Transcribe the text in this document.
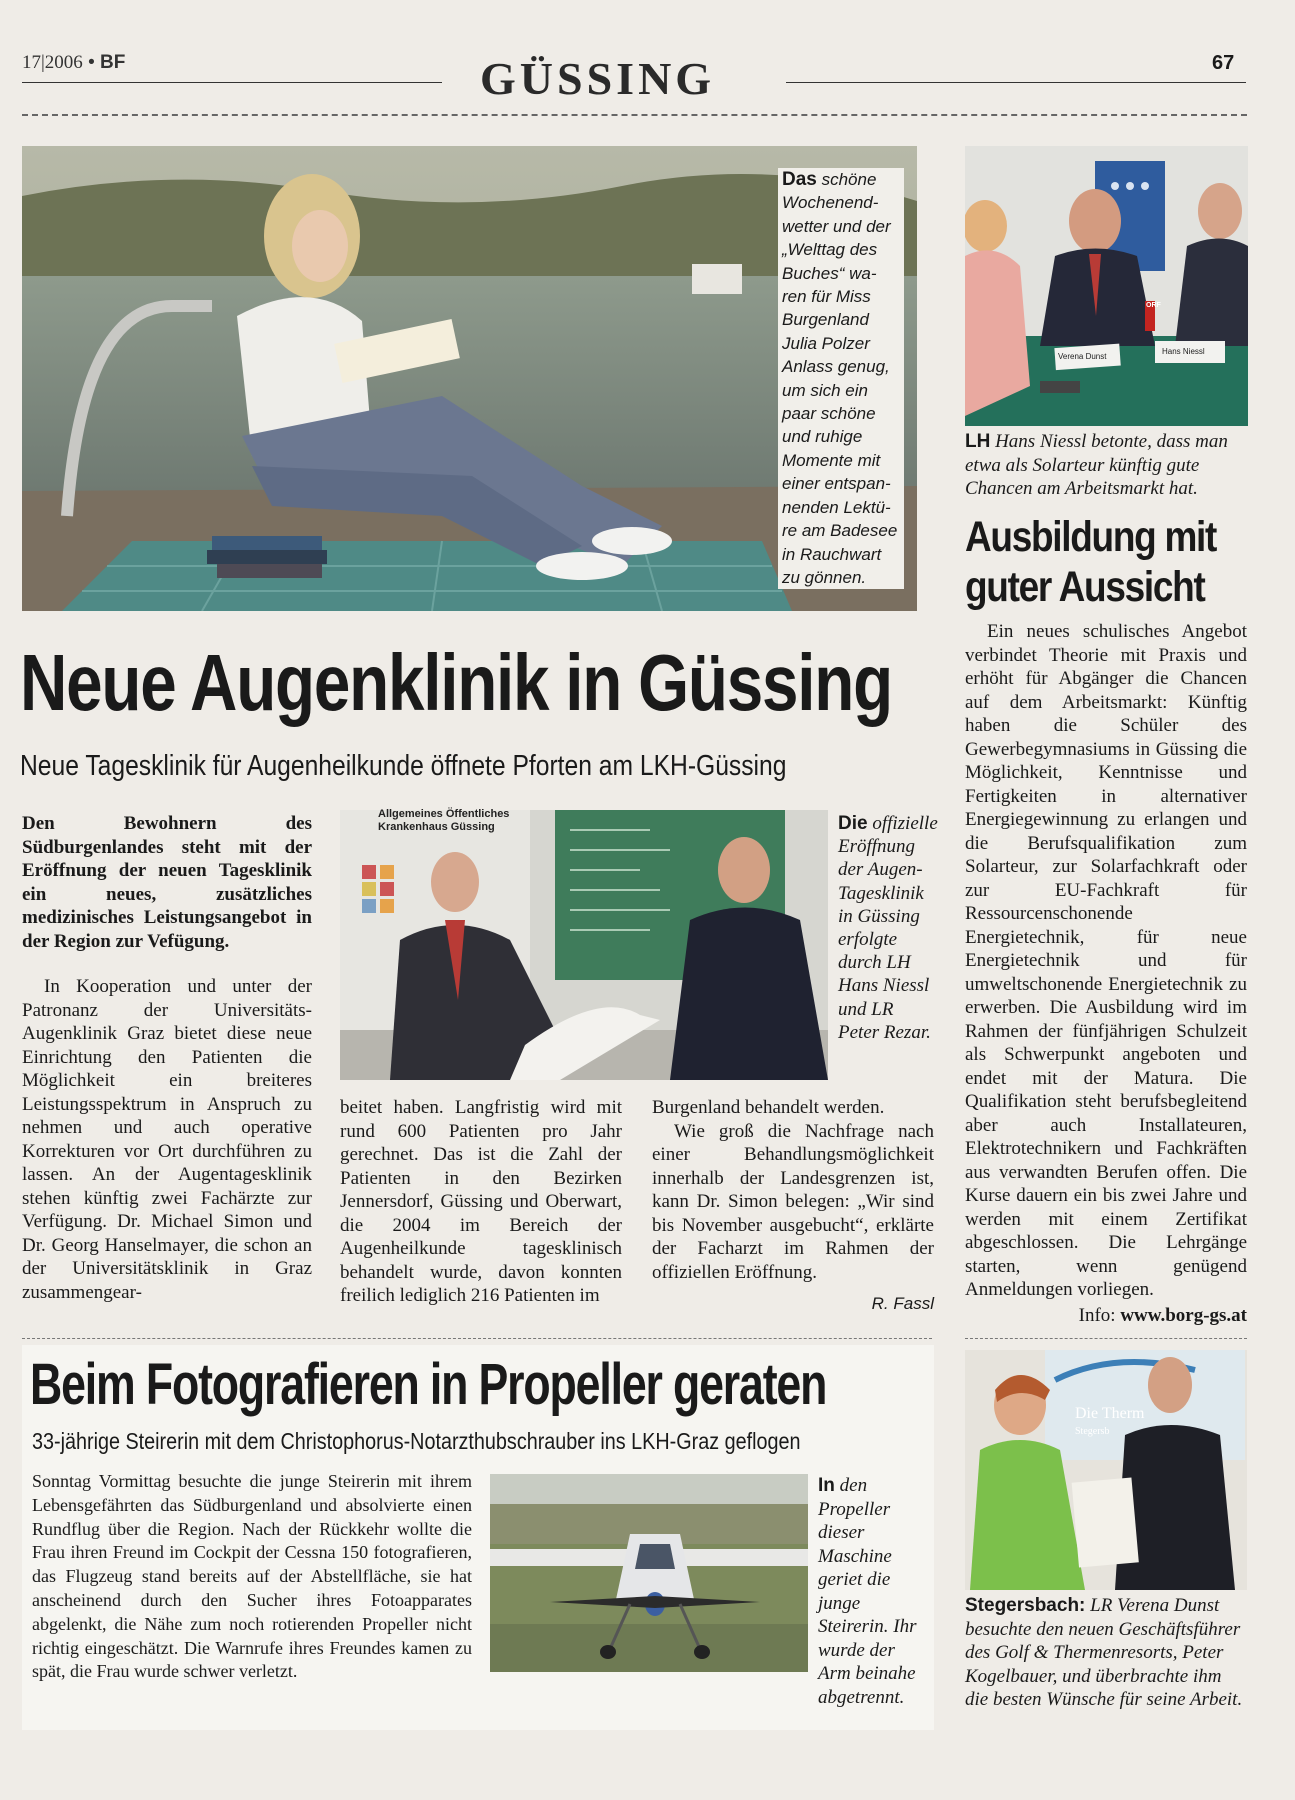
17|2006 • BF	GÜSSING	67
Das schöne Wochenend-wetter und der „Welttag des Buches“ wa-ren für Miss Burgenland Julia Polzer Anlass genug, um sich ein paar schöne und ruhige Momente mit einer entspan-nenden Lektü-re am Badesee in Rauchwart zu gönnen.
Neue Augenklinik in Güssing
Neue Tagesklinik für Augenheilkunde öffnete Pforten am LKH-Güssing
Den Bewohnern des Südburgenlandes steht mit der Eröffnung der neuen Tagesklinik ein neues, zusätzliches medizinisches Leistungsangebot in der Region zur Vefügung.

In Kooperation und unter der Patronanz der Universitäts-Augenklinik Graz bietet diese neue Einrichtung den Patienten die Möglichkeit ein breiteres Leistungsspektrum in Anspruch zu nehmen und auch operative Korrekturen vor Ort durchführen zu lassen. An der Augentagesklinik stehen künftig zwei Fachärzte zur Verfügung. Dr. Michael Simon und Dr. Georg Hanselmayer, die schon an der Universitätsklinik in Graz zusammengear-

Allgemeines Öffentliches
Krankenhaus Güssing	Die offizielle Eröffnung der Augen-Tagesklinik in Güssing erfolgte durch LH Hans Niessl und LR Peter Rezar.

beitet haben. Langfristig wird mit rund 600 Patienten pro Jahr gerechnet. Das ist die Zahl der Patienten in den Bezirken Jennersdorf, Güssing und Oberwart, die 2004 im Bereich der Augenheilkunde tagesklinisch behandelt wurde, davon konnten freilich lediglich 216 Patienten im

Burgenland behandelt werden.

Wie groß die Nachfrage nach einer Behandlungsmöglichkeit innerhalb der Landesgrenzen ist, kann Dr. Simon belegen: „Wir sind bis November ausgebucht“, erklärte der Facharzt im Rahmen der offiziellen Eröffnung.

R. Fassl
Verena Dunst
Hans Niessl
ORF
LH Hans Niessl betonte, dass man etwa als Solarteur künftig gute Chancen am Arbeitsmarkt hat.
Ausbildung mit guter Aussicht

Ein neues schulisches Angebot verbindet Theorie mit Praxis und erhöht für Abgänger die Chancen auf dem Arbeitsmarkt: Künftig haben die Schüler des Gewerbegymnasiums in Güssing die Möglichkeit, Kenntnisse und Fertigkeiten in alternativer Energiegewinnung zu erlangen und die Berufsqualifikation zum Solarteur, zur Solarfachkraft oder zur EU-Fachkraft für Ressourcenschonende Energietechnik, für neue Energietechnik und für umweltschonende Energietechnik zu erwerben. Die Ausbildung wird im Rahmen der fünfjährigen Schulzeit als Schwerpunkt angeboten und endet mit der Matura. Die Qualifikation steht berufsbegleitend aber auch Installateuren, Elektrotechnikern und Fachkräften aus verwandten Berufen offen. Die Kurse dauern ein bis zwei Jahre und werden mit einem Zertifikat abgeschlossen. Die Lehrgänge starten, wenn genügend Anmeldungen vorliegen.

Info: www.borg-gs.at
Beim Fotografieren in Propeller geraten
33-jährige Steirerin mit dem Christophorus-Notarzthubschrauber ins LKH-Graz geflogen
Sonntag Vormittag besuchte die junge Steirerin mit ihrem Lebensgefährten das Südburgenland und absolvierte einen Rundflug über die Region. Nach der Rückkehr wollte die Frau ihren Freund im Cockpit der Cessna 150 fotografieren, das Flugzeug stand bereits auf der Abstellfläche, sie hat anscheinend durch den Sucher ihres Fotoapparates abgelenkt, die Nähe zum noch rotierenden Propeller nicht richtig eingeschätzt. Die Warnrufe ihres Freundes kamen zu spät, die Frau wurde schwer verletzt.
In den Propeller dieser Maschine geriet die junge Steirerin. Ihr wurde der Arm beinahe abgetrennt.
Die Therm
Stegersb
Stegersbach: LR Verena Dunst besuchte den neuen Geschäftsführer des Golf & Thermenresorts, Peter Kogelbauer, und überbrachte ihm die besten Wünsche für seine Arbeit.
